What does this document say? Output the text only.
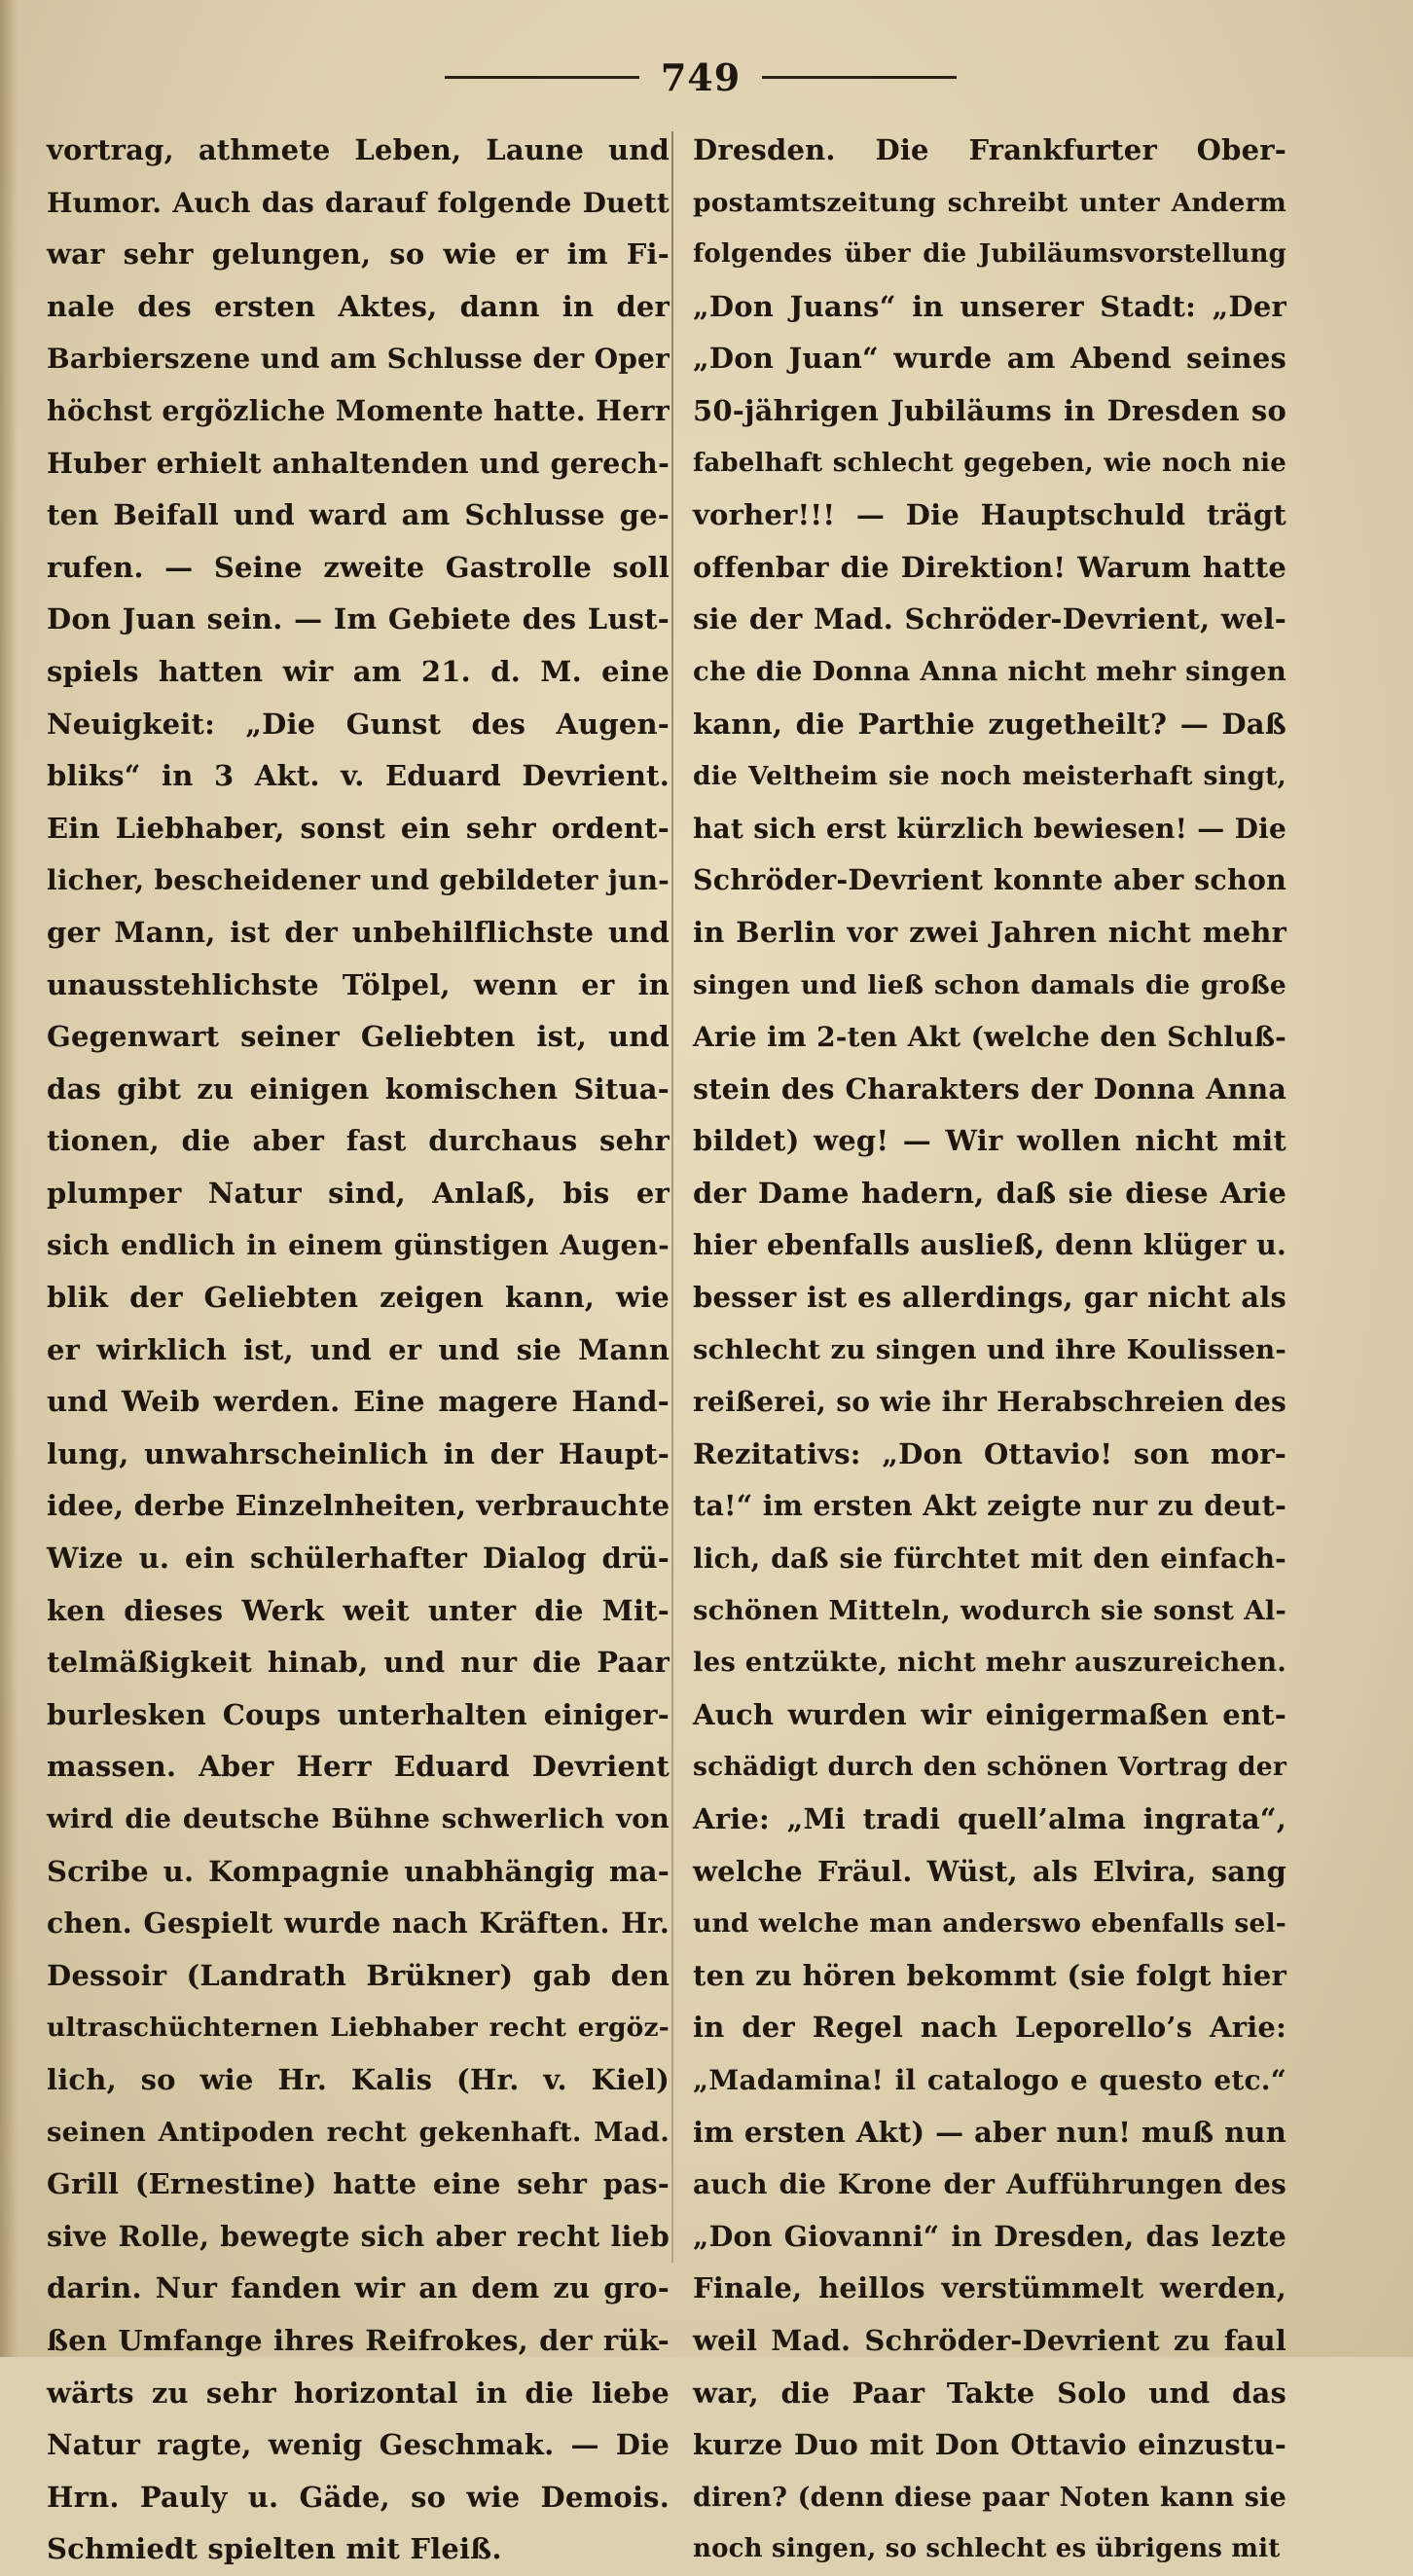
749
vortrag, athmete Leben, Laune und
Humor. Auch das darauf folgende Duett
war sehr gelungen, so wie er im Fi-
nale des ersten Aktes, dann in der
Barbierszene und am Schlusse der Oper
höchst ergözliche Momente hatte. Herr
Huber erhielt anhaltenden und gerech-
ten Beifall und ward am Schlusse ge-
rufen. — Seine zweite Gastrolle soll
Don Juan sein. — Im Gebiete des Lust-
spiels hatten wir am 21. d. M. eine
Neuigkeit: „Die Gunst des Augen-
bliks“ in 3 Akt. v. Eduard Devrient.
Ein Liebhaber, sonst ein sehr ordent-
licher, bescheidener und gebildeter jun-
ger Mann, ist der unbehilflichste und
unausstehlichste Tölpel, wenn er in
Gegenwart seiner Geliebten ist, und
das gibt zu einigen komischen Situa-
tionen, die aber fast durchaus sehr
plumper Natur sind, Anlaß, bis er
sich endlich in einem günstigen Augen-
blik der Geliebten zeigen kann, wie
er wirklich ist, und er und sie Mann
und Weib werden. Eine magere Hand-
lung, unwahrscheinlich in der Haupt-
idee, derbe Einzelnheiten, verbrauchte
Wize u. ein schülerhafter Dialog drü-
ken dieses Werk weit unter die Mit-
telmäßigkeit hinab, und nur die Paar
burlesken Coups unterhalten einiger-
massen. Aber Herr Eduard Devrient
wird die deutsche Bühne schwerlich von
Scribe u. Kompagnie unabhängig ma-
chen. Gespielt wurde nach Kräften. Hr.
Dessoir (Landrath Brükner) gab den
ultraschüchternen Liebhaber recht ergöz-
lich, so wie Hr. Kalis (Hr. v. Kiel)
seinen Antipoden recht gekenhaft. Mad.
Grill (Ernestine) hatte eine sehr pas-
sive Rolle, bewegte sich aber recht lieb
darin. Nur fanden wir an dem zu gro-
ßen Umfange ihres Reifrokes, der rük-
wärts zu sehr horizontal in die liebe
Natur ragte, wenig Geschmak. — Die
Hrn. Pauly u. Gäde, so wie Demois.
Schmiedt spielten mit Fleiß.
Dresden. Die Frankfurter Ober-
postamtszeitung schreibt unter Anderm
folgendes über die Jubiläumsvorstellung
„Don Juans“ in unserer Stadt: „Der
„Don Juan“ wurde am Abend seines
50-jährigen Jubiläums in Dresden so
fabelhaft schlecht gegeben, wie noch nie
vorher!!! — Die Hauptschuld trägt
offenbar die Direktion! Warum hatte
sie der Mad. Schröder-Devrient, wel-
che die Donna Anna nicht mehr singen
kann, die Parthie zugetheilt? — Daß
die Veltheim sie noch meisterhaft singt,
hat sich erst kürzlich bewiesen! — Die
Schröder-Devrient konnte aber schon
in Berlin vor zwei Jahren nicht mehr
singen und ließ schon damals die große
Arie im 2-ten Akt (welche den Schluß-
stein des Charakters der Donna Anna
bildet) weg! — Wir wollen nicht mit
der Dame hadern, daß sie diese Arie
hier ebenfalls ausließ, denn klüger u.
besser ist es allerdings, gar nicht als
schlecht zu singen und ihre Koulissen-
reißerei, so wie ihr Herabschreien des
Rezitativs: „Don Ottavio! son mor-
ta!“ im ersten Akt zeigte nur zu deut-
lich, daß sie fürchtet mit den einfach-
schönen Mitteln, wodurch sie sonst Al-
les entzükte, nicht mehr auszureichen.
Auch wurden wir einigermaßen ent-
schädigt durch den schönen Vortrag der
Arie: „Mi tradi quell’alma ingrata“,
welche Fräul. Wüst, als Elvira, sang
und welche man anderswo ebenfalls sel-
ten zu hören bekommt (sie folgt hier
in der Regel nach Leporello’s Arie:
„Madamina! il catalogo e questo etc.“
im ersten Akt) — aber nun! muß nun
auch die Krone der Aufführungen des
„Don Giovanni“ in Dresden, das lezte
Finale, heillos verstümmelt werden,
weil Mad. Schröder-Devrient zu faul
war, die Paar Takte Solo und das
kurze Duo mit Don Ottavio einzustu-
diren? (denn diese paar Noten kann sie
noch singen, so schlecht es übrigens mit
